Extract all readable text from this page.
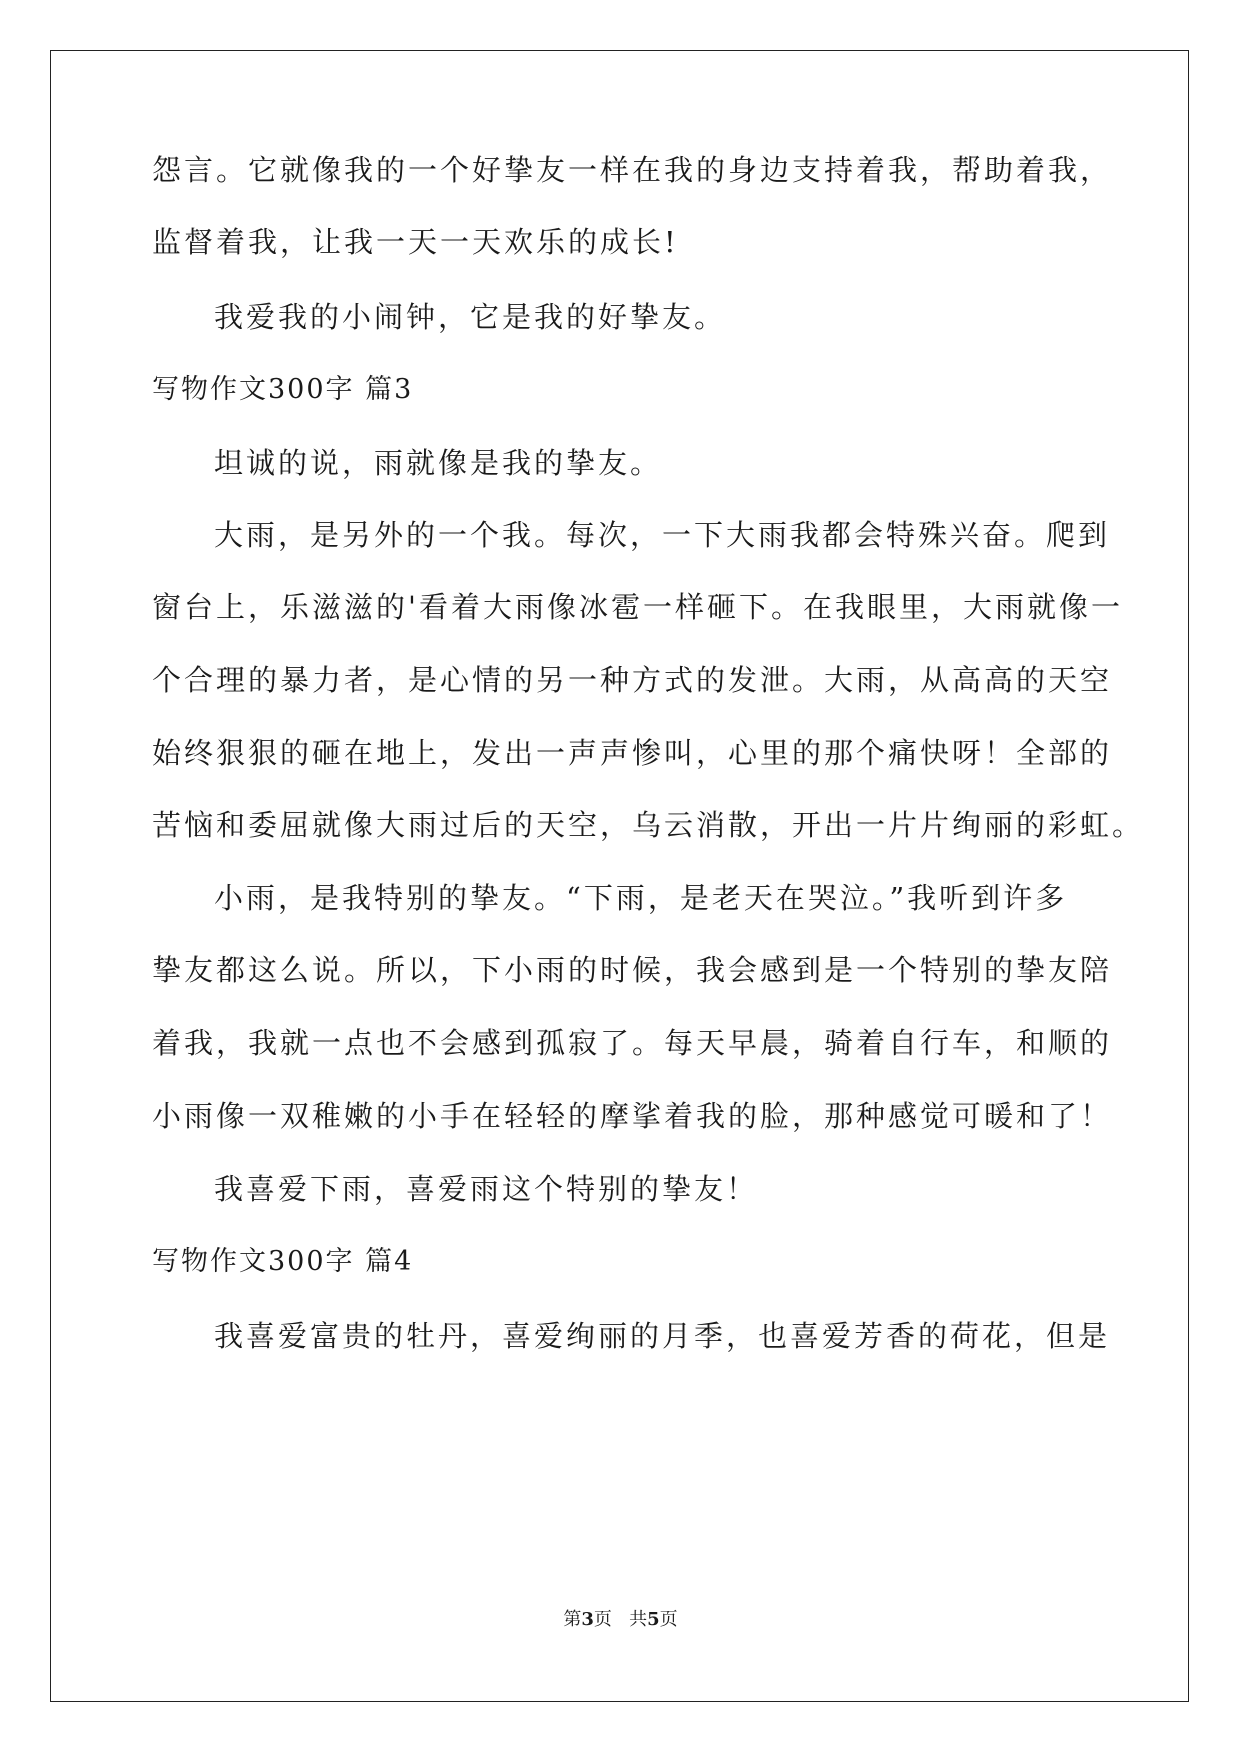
怨言。它就像我的一个好挚友一样在我的身边支持着我，帮助着我，
监督着我，让我一天一天欢乐的成长!
我爱我的小闹钟，它是我的好挚友。
写物作文300字 篇3
坦诚的说，雨就像是我的挚友。
大雨，是另外的一个我。每次，一下大雨我都会特殊兴奋。爬到
窗台上，乐滋滋的'看着大雨像冰雹一样砸下。在我眼里，大雨就像一
个合理的暴力者，是心情的另一种方式的发泄。大雨，从高高的天空
始终狠狠的砸在地上，发出一声声惨叫，心里的那个痛快呀！全部的
苦恼和委屈就像大雨过后的天空，乌云消散，开出一片片绚丽的彩虹。
小雨，是我特别的挚友。“下雨，是老天在哭泣。”我听到许多
挚友都这么说。所以，下小雨的时候，我会感到是一个特别的挚友陪
着我，我就一点也不会感到孤寂了。每天早晨，骑着自行车，和顺的
小雨像一双稚嫩的小手在轻轻的摩挲着我的脸，那种感觉可暖和了！
我喜爱下雨，喜爱雨这个特别的挚友！
写物作文300字 篇4
我喜爱富贵的牡丹，喜爱绚丽的月季，也喜爱芳香的荷花，但是
第3页   共5页
